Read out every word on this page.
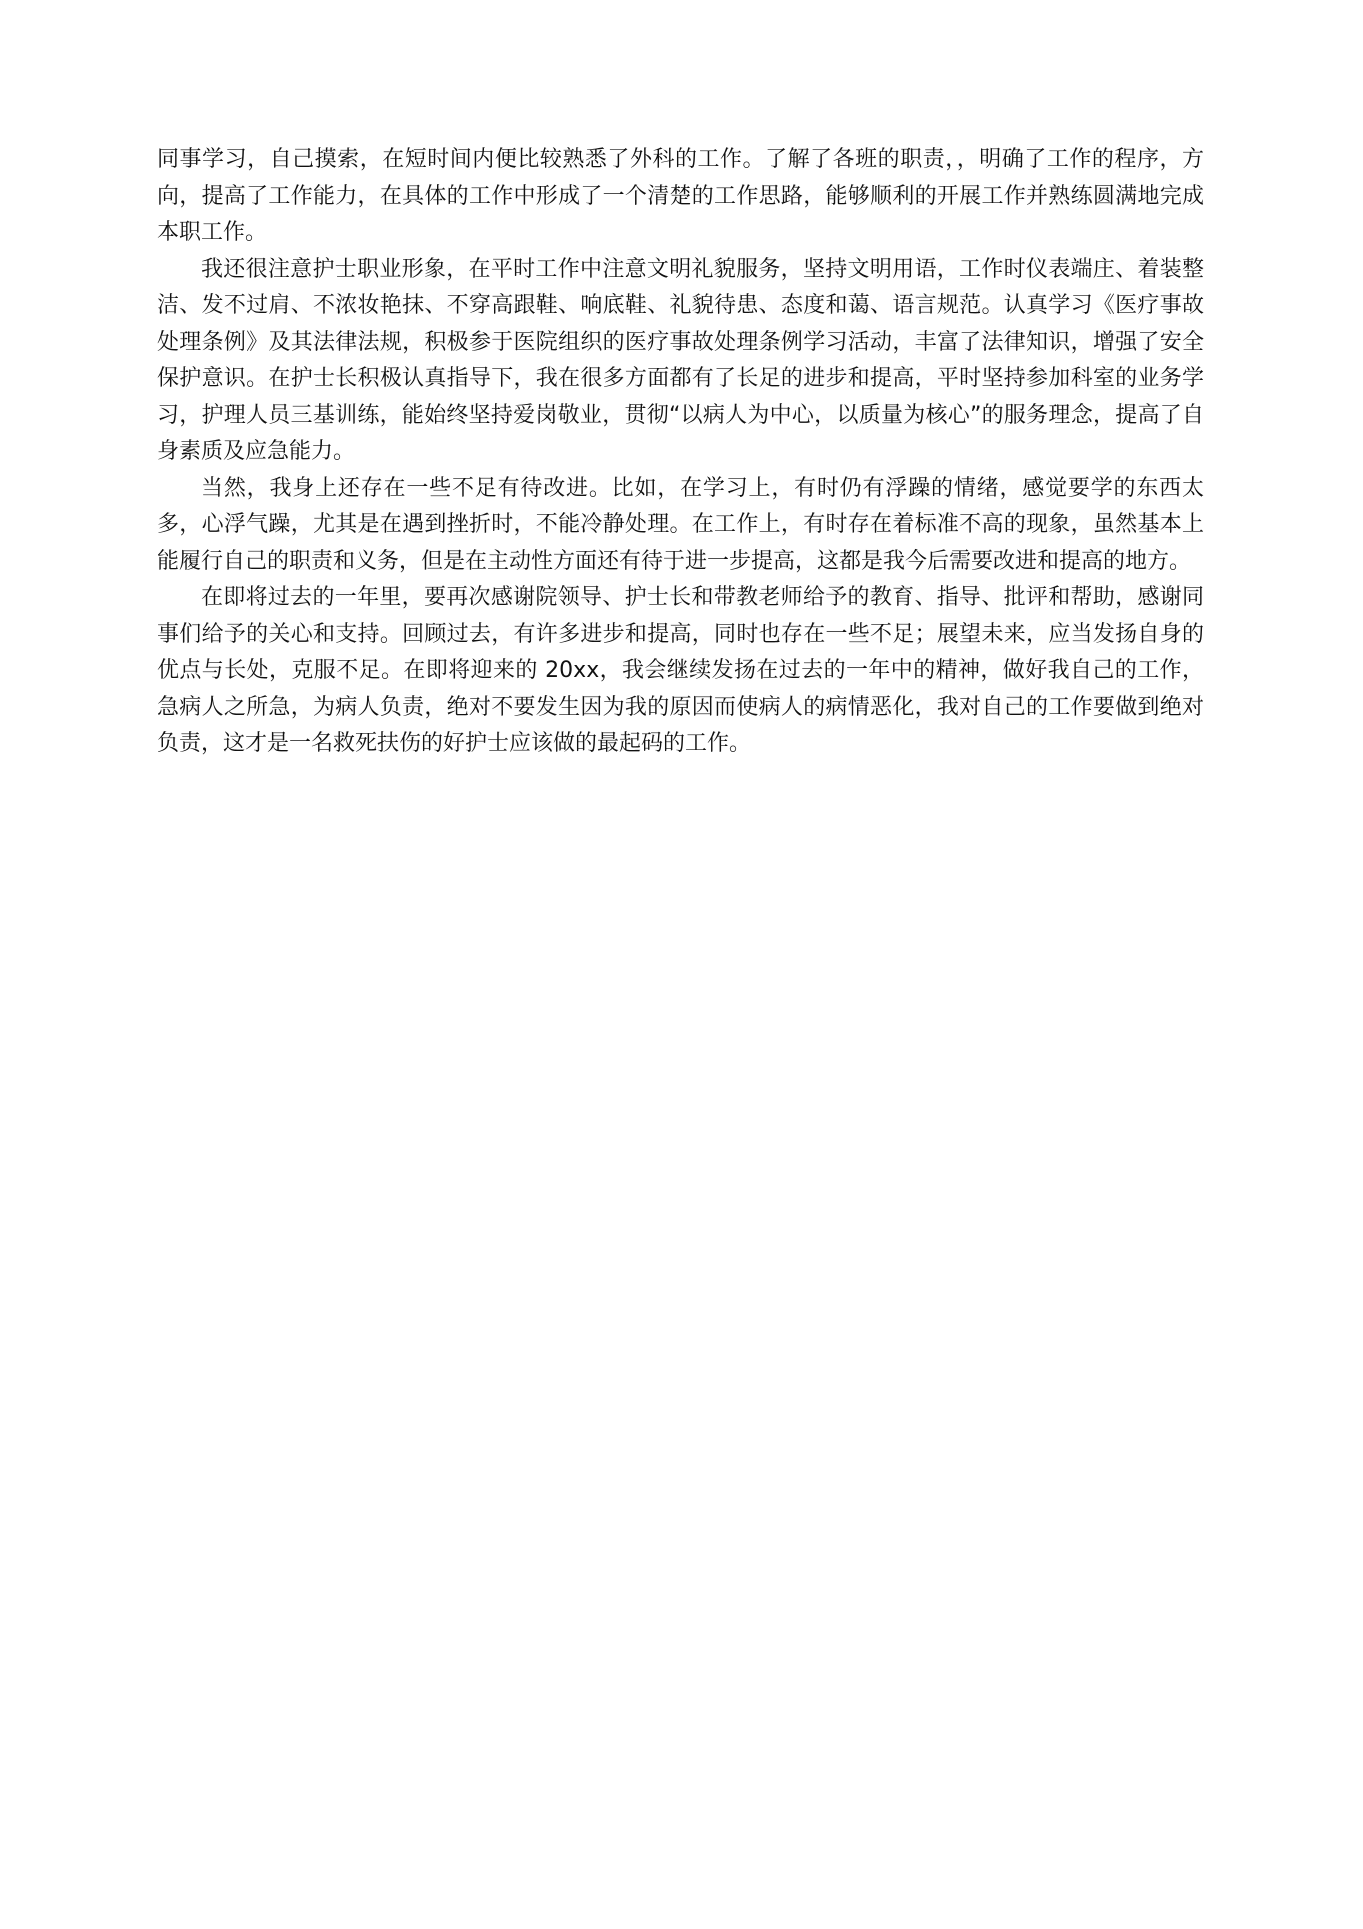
同事学习，自己摸索，在短时间内便比较熟悉了外科的工作。了解了各班的职责，，明确了工作的程序，方向，提高了工作能力，在具体的工作中形成了一个清楚的工作思路，能够顺利的开展工作并熟练圆满地完成本职工作。

我还很注意护士职业形象，在平时工作中注意文明礼貌服务，坚持文明用语，工作时仪表端庄、着装整洁、发不过肩、不浓妆艳抹、不穿高跟鞋、响底鞋、礼貌待患、态度和蔼、语言规范。认真学习《医疗事故处理条例》及其法律法规，积极参于医院组织的医疗事故处理条例学习活动，丰富了法律知识，增强了安全保护意识。在护士长积极认真指导下，我在很多方面都有了长足的进步和提高，平时坚持参加科室的业务学习，护理人员三基训练，能始终坚持爱岗敬业，贯彻“以病人为中心，以质量为核心”的服务理念，提高了自身素质及应急能力。

当然，我身上还存在一些不足有待改进。比如，在学习上，有时仍有浮躁的情绪，感觉要学的东西太多，心浮气躁，尤其是在遇到挫折时，不能冷静处理。在工作上，有时存在着标准不高的现象，虽然基本上能履行自己的职责和义务，但是在主动性方面还有待于进一步提高，这都是我今后需要改进和提高的地方。

在即将过去的一年里，要再次感谢院领导、护士长和带教老师给予的教育、指导、批评和帮助，感谢同事们给予的关心和支持。回顾过去，有许多进步和提高，同时也存在一些不足；展望未来，应当发扬自身的优点与长处，克服不足。在即将迎来的 20xx，我会继续发扬在过去的一年中的精神，做好我自己的工作，急病人之所急，为病人负责，绝对不要发生因为我的原因而使病人的病情恶化，我对自己的工作要做到绝对负责，这才是一名救死扶伤的好护士应该做的最起码的工作。
